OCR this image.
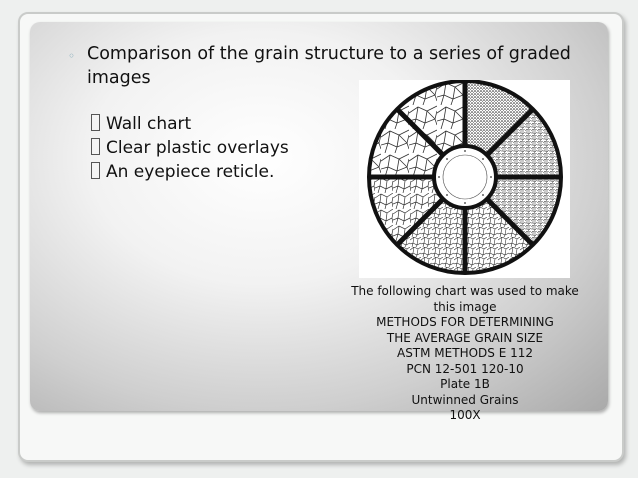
◦ Comparison of the grain structure to a series of graded images
Wall chart
Clear plastic overlays
An eyepiece reticle.
The following chart was used to make
this image
METHODS FOR DETERMINING
THE AVERAGE GRAIN SIZE
ASTM METHODS E 112
PCN 12-501 120-10
Plate 1B
Untwinned Grains
100X
